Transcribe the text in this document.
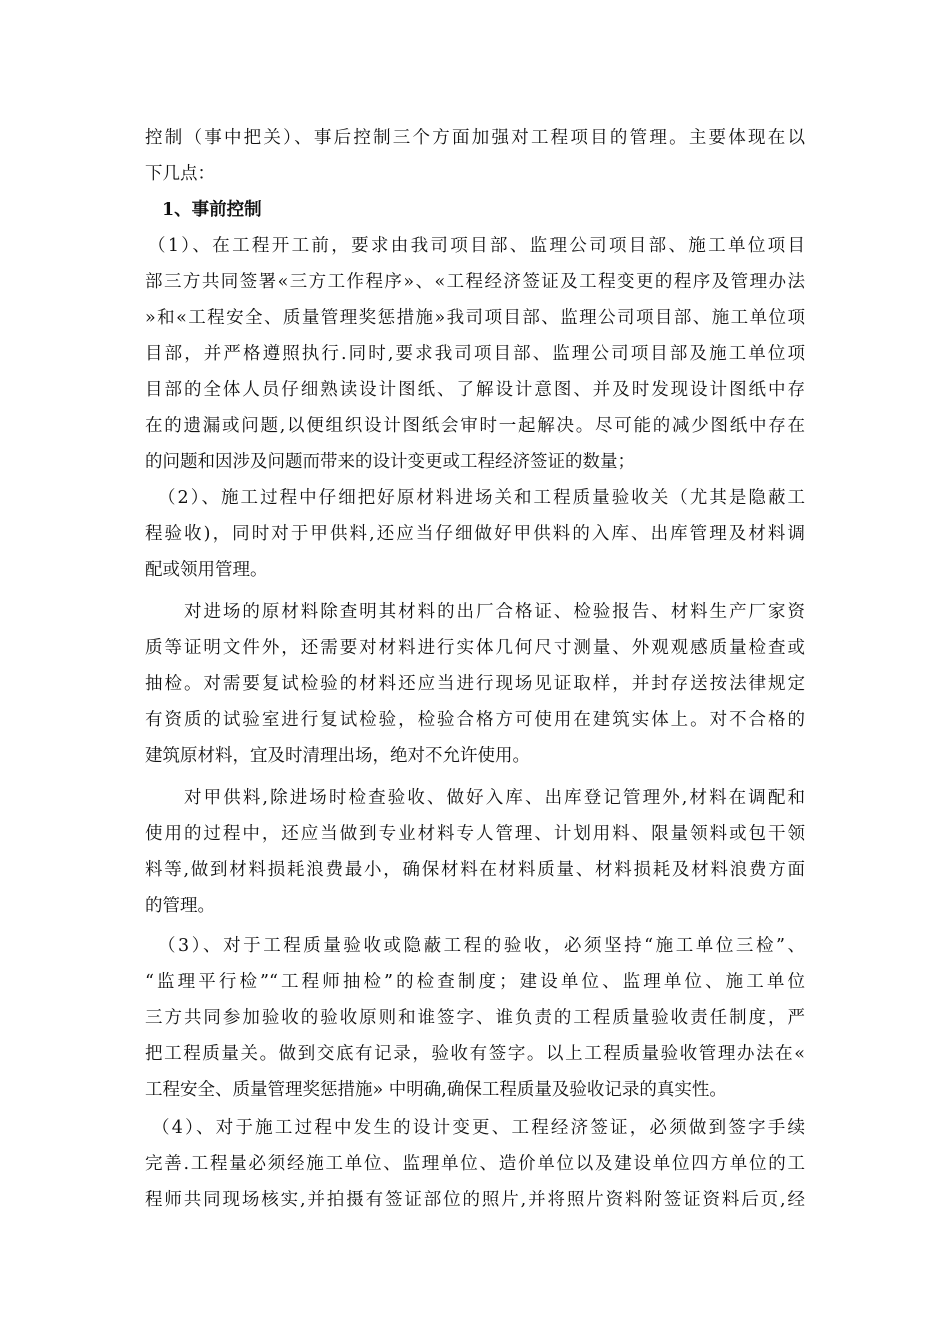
控制（事中把关）、事后控制三个方面加强对工程项目的管理。主要体现在以
下几点：
1、事前控制
（1）、在工程开工前，要求由我司项目部、监理公司项目部、施工单位项目
部三方共同签署«三方工作程序»、«工程经济签证及工程变更的程序及管理办法
»和«工程安全、质量管理奖惩措施»我司项目部、监理公司项目部、施工单位项
目部，并严格遵照执行.同时,要求我司项目部、监理公司项目部及施工单位项
目部的全体人员仔细熟读设计图纸、了解设计意图、并及时发现设计图纸中存
在的遗漏或问题,以便组织设计图纸会审时一起解决。尽可能的减少图纸中存在
的问题和因涉及问题而带来的设计变更或工程经济签证的数量；
（2）、施工过程中仔细把好原材料进场关和工程质量验收关（尤其是隐蔽工
程验收)，同时对于甲供料,还应当仔细做好甲供料的入库、出库管理及材料调
配或领用管理。
对进场的原材料除查明其材料的出厂合格证、检验报告、材料生产厂家资
质等证明文件外，还需要对材料进行实体几何尺寸测量、外观观感质量检查或
抽检。对需要复试检验的材料还应当进行现场见证取样，并封存送按法律规定
有资质的试验室进行复试检验，检验合格方可使用在建筑实体上。对不合格的
建筑原材料，宜及时清理出场，绝对不允许使用。
对甲供料,除进场时检查验收、做好入库、出库登记管理外,材料在调配和
使用的过程中，还应当做到专业材料专人管理、计划用料、限量领料或包干领
料等,做到材料损耗浪费最小，确保材料在材料质量、材料损耗及材料浪费方面
的管理。
（3）、对于工程质量验收或隐蔽工程的验收，必须坚持“施工单位三检”、
“监理平行检”“工程师抽检”的检查制度；建设单位、监理单位、施工单位
三方共同参加验收的验收原则和谁签字、谁负责的工程质量验收责任制度，严
把工程质量关。做到交底有记录，验收有签字。以上工程质量验收管理办法在«
工程安全、质量管理奖惩措施» 中明确,确保工程质量及验收记录的真实性。
（4）、对于施工过程中发生的设计变更、工程经济签证，必须做到签字手续
完善.工程量必须经施工单位、监理单位、造价单位以及建设单位四方单位的工
程师共同现场核实,并拍摄有签证部位的照片,并将照片资料附签证资料后页,经
